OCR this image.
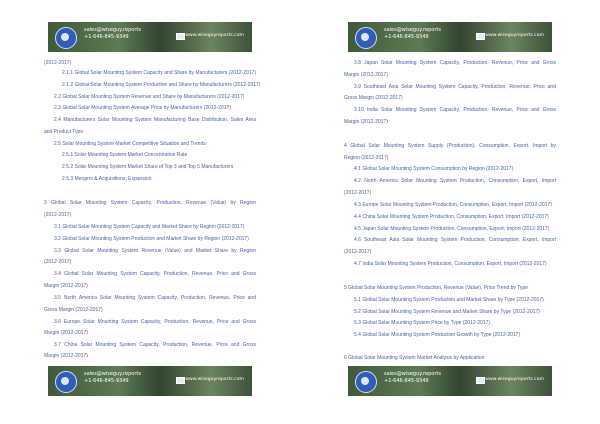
sales@wiseguy.reports
+1-646-845-9349	www.wiseguyreports.com
(2012-2017)
2.1.1 Global Solar Mounting System Capacity and Share by Manufacturers (2012-2017)
2.1.2 Global Solar Mounting System Production and Share by Manufacturers (2012-2017)
2.2 Global Solar Mounting System Revenue and Share by Manufacturers (2012-2017)
2.3 Global Solar Mounting System Average Price by Manufacturers (2012-2017)
2.4 Manufacturers Solar Mounting System Manufacturing Base Distribution, Sales Area
and Product Type
2.5 Solar Mounting System Market Competitive Situation and Trends
2.5.1 Solar Mounting System Market Concentration Rate
2.5.2 Solar Mounting System Market Share of Top 3 and Top 5 Manufacturers
2.5.3 Mergers & Acquisitions, Expansion
3 Global Solar Mounting System Capacity, Production, Revenue (Value) by Region
(2012-2017)
3.1 Global Solar Mounting System Capacity and Market Share by Region (2012-2017)
3.2 Global Solar Mounting System Production and Market Share by Region (2012-2017)
3.3 Global Solar Mounting System Revenue (Value) and Market Share by Region
(2012-2017)
3.4 Global Solar Mounting System Capacity, Production, Revenue, Price and Gross
Margin (2012-2017)
3.5 North America Solar Mounting System Capacity, Production, Revenue, Price and
Gross Margin (2012-2017)
3.6 Europe Solar Mounting System Capacity, Production, Revenue, Price and Gross
Margin (2012-2017)
3.7 China Solar Mounting System Capacity, Production, Revenue, Price and Gross
Margin (2012-2017)
sales@wiseguy.reports
+1-646-845-9349	www.wiseguyreports.com
sales@wiseguy.reports
+1-646-845-9349	www.wiseguyreports.com
3.8 Japan Solar Mounting System Capacity, Production, Revenue, Price and Gross
Margin (2012-2017)
3.9 Southeast Asia Solar Mounting System Capacity, Production, Revenue, Price and
Gross Margin (2012-2017)
3.10 India Solar Mounting System Capacity, Production, Revenue, Price and Gross
Margin (2012-2017)
4 Global Solar Mounting System Supply (Production), Consumption, Export, Import by
Region (2012-2017)
4.1 Global Solar Mounting System Consumption by Region (2012-2017)
4.2 North America Solar Mounting System Production, Consumption, Export, Import
(2012-2017)
4.3 Europe Solar Mounting System Production, Consumption, Export, Import (2012-2017)
4.4 China Solar Mounting System Production, Consumption, Export, Import (2012-2017)
4.5 Japan Solar Mounting System Production, Consumption, Export, Import (2012-2017)
4.6 Southeast Asia Solar Mounting System Production, Consumption, Export, Import
(2012-2017)
4.7 India Solar Mounting System Production, Consumption, Export, Import (2012-2017)
5 Global Solar Mounting System Production, Revenue (Value), Price Trend by Type
5.1 Global Solar Mounting System Production and Market Share by Type (2012-2017)
5.2 Global Solar Mounting System Revenue and Market Share by Type (2012-2017)
5.3 Global Solar Mounting System Price by Type (2012-2017)
5.4 Global Solar Mounting System Production Growth by Type (2012-2017)
6 Global Solar Mounting System Market Analysis by Application
sales@wiseguy.reports
+1-646-845-9349	www.wiseguyreports.com
